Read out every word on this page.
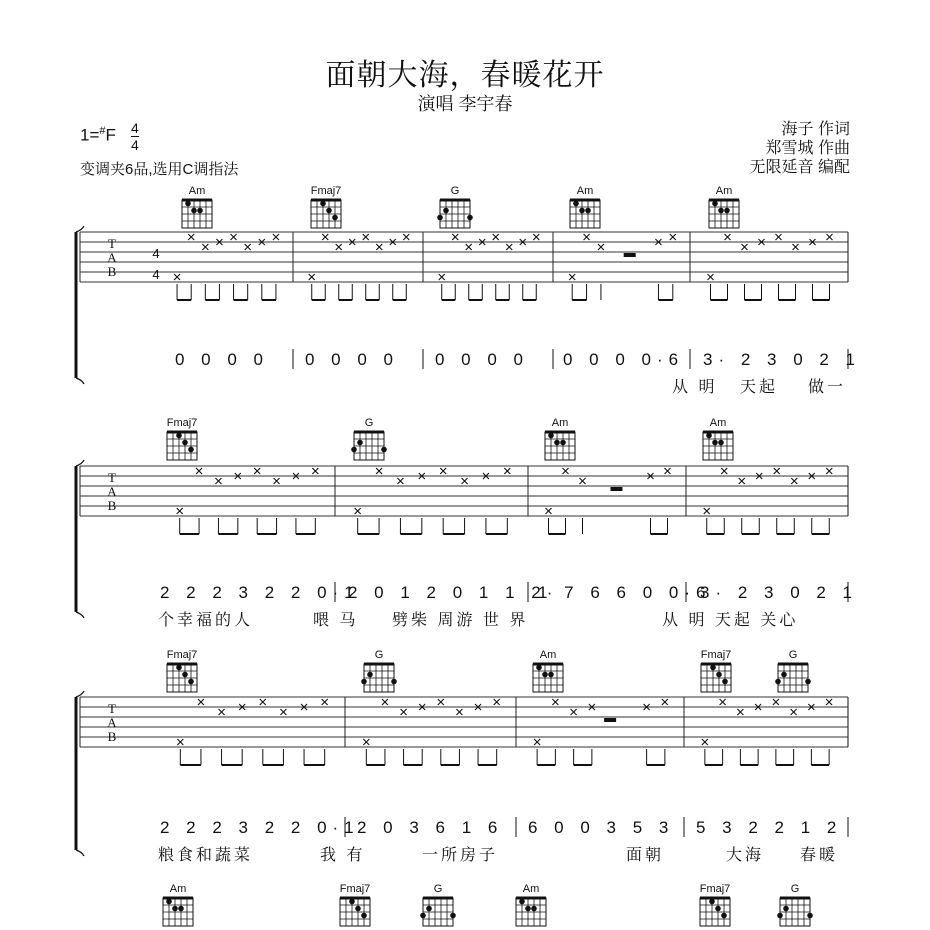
面朝大海，春暖花开
演唱 李宇春
1=#F 4
4
变调夹6品,选用C调指法
海子 作词
郑雪城 作曲
无限延音 编配
T
A
B
4
4
T
A
B
T
A
B
Am	Fmaj7	G	Am	Am
Fmaj7	G	Am	Am
Fmaj7	G	Am	Fmaj7	G
Am	Fmaj7	G	Am	Fmaj7	G
0 0 0 0 0 0 0 0 0 0 0 0 0 0 0 0·6 3· 2 3 0 2 1
2 2 2 3 2 2 0·1
2 0 1 2 0 1 1 2·
1 7 6 6 0 0·6
3· 2 3 0 2 1
2 2 2 3 2 2 0·1
2 0 3 6 1 6 6 0 0 3 5 3 5 3 2 2 1 2
从 明 天起 做一
个幸福的人	喂 马 劈柴 周游 世 界	从 明 天起 关心
粮食和蔬菜	我 有	一所房子	面朝	大海 春暖
